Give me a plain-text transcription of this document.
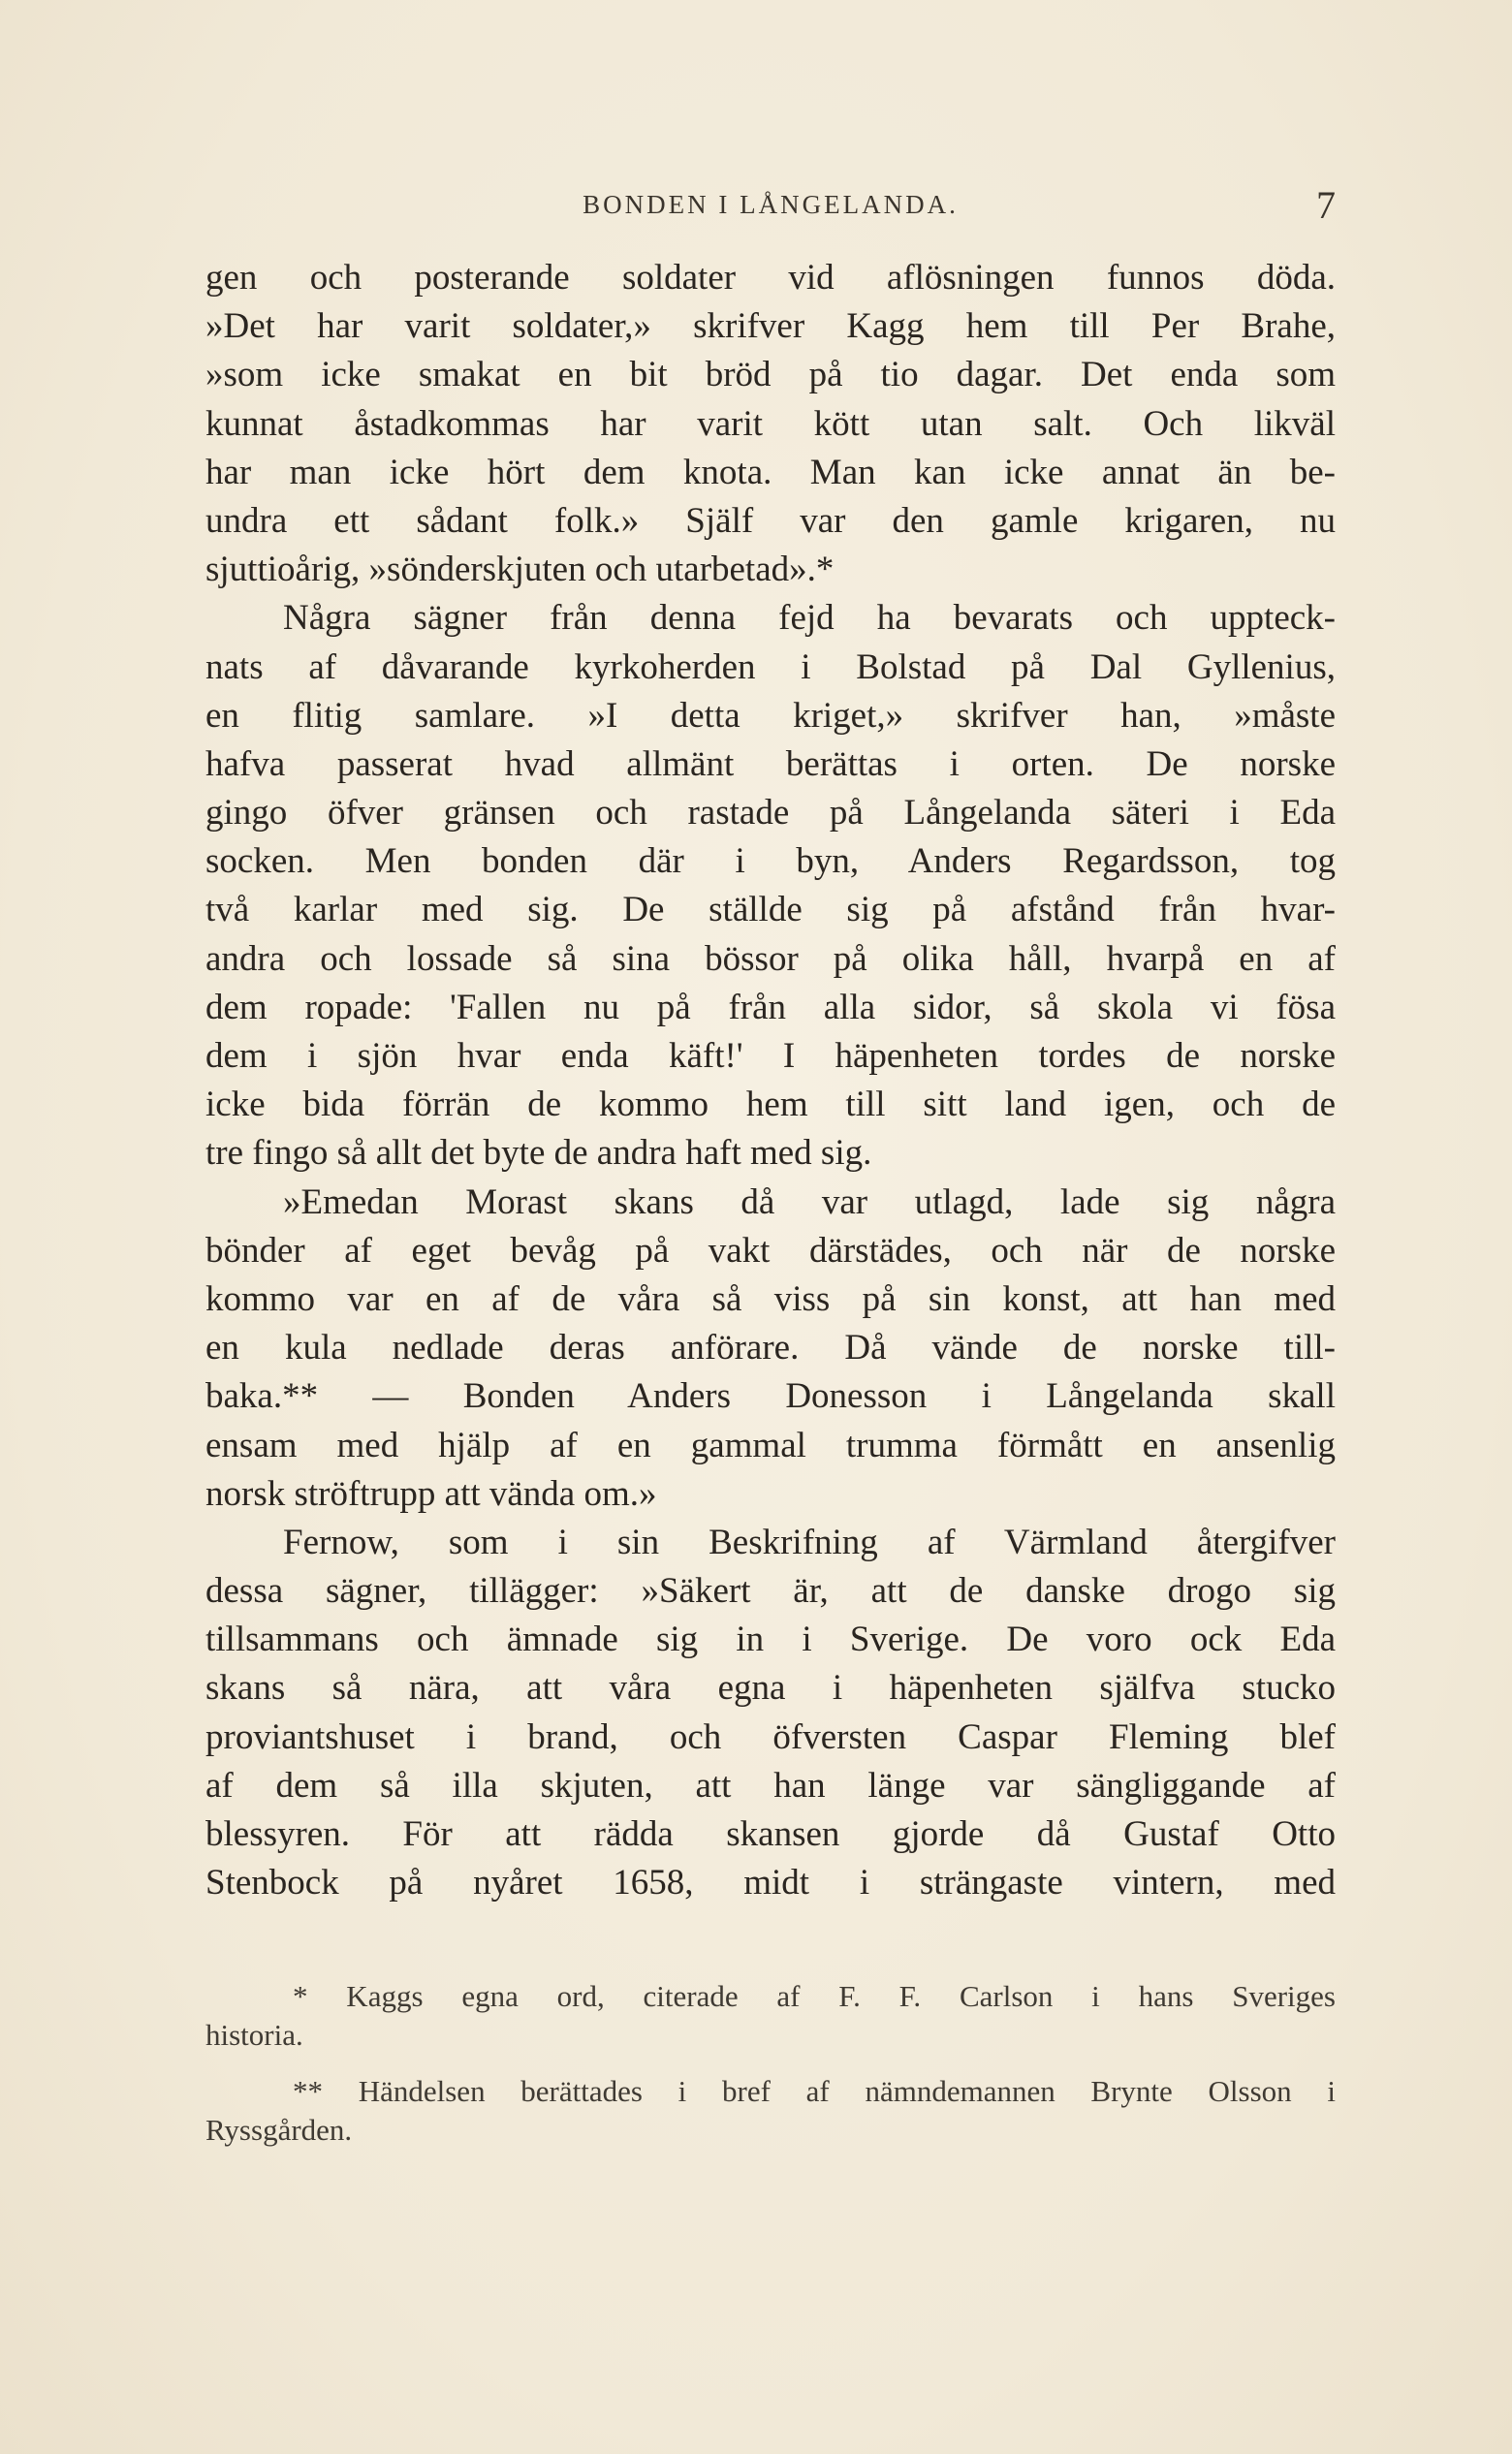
BONDEN I LÅNGELANDA.	7
gen och posterande soldater vid aflösningen funnos döda.
»Det har varit soldater,» skrifver Kagg hem till Per Brahe,
»som icke smakat en bit bröd på tio dagar. Det enda som
kunnat åstadkommas har varit kött utan salt. Och likväl
har man icke hört dem knota. Man kan icke annat än be-
undra ett sådant folk.» Själf var den gamle krigaren, nu
sjuttioårig, »sönderskjuten och utarbetad».*
Några sägner från denna fejd ha bevarats och uppteck-
nats af dåvarande kyrkoherden i Bolstad på Dal Gyllenius,
en flitig samlare. »I detta kriget,» skrifver han, »måste
hafva passerat hvad allmänt berättas i orten. De norske
gingo öfver gränsen och rastade på Långelanda säteri i Eda
socken. Men bonden där i byn, Anders Regardsson, tog
två karlar med sig. De ställde sig på afstånd från hvar-
andra och lossade så sina bössor på olika håll, hvarpå en af
dem ropade: 'Fallen nu på från alla sidor, så skola vi fösa
dem i sjön hvar enda käft!' I häpenheten tordes de norske
icke bida förrän de kommo hem till sitt land igen, och de
tre fingo så allt det byte de andra haft med sig.
»Emedan Morast skans då var utlagd, lade sig några
bönder af eget bevåg på vakt därstädes, och när de norske
kommo var en af de våra så viss på sin konst, att han med
en kula nedlade deras anförare. Då vände de norske till-
baka.** — Bonden Anders Donesson i Långelanda skall
ensam med hjälp af en gammal trumma förmått en ansenlig
norsk ströftrupp att vända om.»
Fernow, som i sin Beskrifning af Värmland återgifver
dessa sägner, tillägger: »Säkert är, att de danske drogo sig
tillsammans och ämnade sig in i Sverige. De voro ock Eda
skans så nära, att våra egna i häpenheten själfva stucko
proviantshuset i brand, och öfversten Caspar Fleming blef
af dem så illa skjuten, att han länge var sängliggande af
blessyren. För att rädda skansen gjorde då Gustaf Otto
Stenbock på nyåret 1658, midt i strängaste vintern, med
* Kaggs egna ord, citerade af F. F. Carlson i hans Sveriges
historia.
** Händelsen berättades i bref af nämndemannen Brynte Olsson i
Ryssgården.
